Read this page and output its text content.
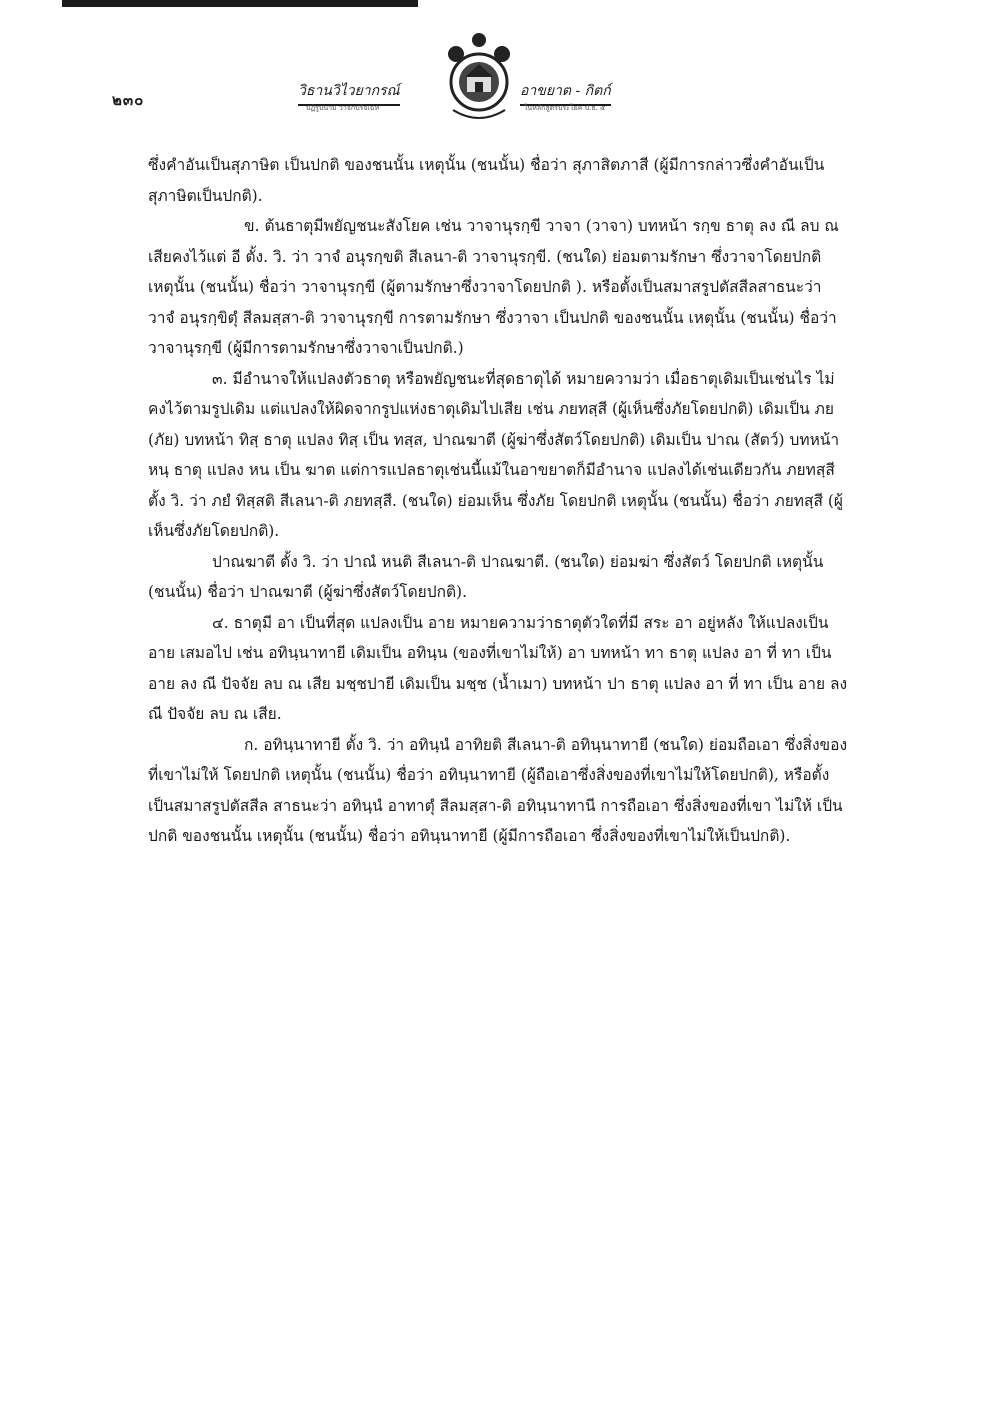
๒๓๐	วิธานวิไวยากรณ์
ปฏิรูปนาม วาจกปริจเฉท
อาขยาต - กิตก์
ในหลักสูตรประโยค ป.ธ. ๕

ซึ่งคำอันเป็นสุภาษิต เป็นปกติ ของชนนั้น เหตุนั้น (ชนนั้น) ชื่อว่า สุภาสิตภาสี (ผู้มีการกล่าวซึ่งคำอันเป็นสุภาษิตเป็นปกติ).

ข. ต้นธาตุมีพยัญชนะสังโยค เช่น วาจานุรกฺขี วาจา (วาจา) บทหน้า รกฺข ธาตุ ลง ณี ลบ ณ เสียคงไว้แต่ อี ตั้ง. วิ. ว่า วาจํ อนุรกฺขติ สีเลนา-ติ วาจานุรกฺขี. (ชนใด) ย่อมตามรักษา ซึ่งวาจาโดยปกติ เหตุนั้น (ชนนั้น) ชื่อว่า วาจานุรกฺขี (ผู้ตามรักษาซึ่งวาจาโดยปกติ ). หรือตั้งเป็นสมาสรูปตัสสีลสาธนะว่า วาจํ อนุรกฺขิตุํ สีลมสฺสา-ติ วาจานุรกฺขี การตามรักษา ซึ่งวาจา เป็นปกติ ของชนนั้น เหตุนั้น (ชนนั้น) ชื่อว่า วาจานุรกฺขี (ผู้มีการตามรักษาซึ่งวาจาเป็นปกติ.)

๓. มีอำนาจให้แปลงตัวธาตุ หรือพยัญชนะที่สุดธาตุได้ หมายความว่า เมื่อธาตุเดิมเป็นเช่นไร ไม่คงไว้ตามรูปเดิม แต่แปลงให้ผิดจากรูปแห่งธาตุเดิมไปเสีย เช่น ภยทสฺสี (ผู้เห็นซึ่งภัยโดยปกติ) เดิมเป็น ภย (ภัย) บทหน้า ทิสฺ ธาตุ แปลง ทิสฺ เป็น ทสฺส, ปาณฆาตี (ผู้ฆ่าซึ่งสัตว์โดยปกติ) เดิมเป็น ปาณ (สัตว์) บทหน้า หนฺ ธาตุ แปลง หน เป็น ฆาต แต่การแปลธาตุเช่นนี้แม้ในอาขยาตก็มีอำนาจ แปลงได้เช่นเดียวกัน ภยทสฺสี ตั้ง วิ. ว่า ภยํ ทิสฺสติ สีเลนา-ติ ภยทสฺสี. (ชนใด) ย่อมเห็น ซึ่งภัย โดยปกติ เหตุนั้น (ชนนั้น) ชื่อว่า ภยทสฺสี (ผู้เห็นซึ่งภัยโดยปกติ).

ปาณฆาตี ตั้ง วิ. ว่า ปาณํ หนติ สีเลนา-ติ ปาณฆาตี. (ชนใด) ย่อมฆ่า ซึ่งสัตว์ โดยปกติ เหตุนั้น (ชนนั้น) ชื่อว่า ปาณฆาตี (ผู้ฆ่าซึ่งสัตว์โดยปกติ).

๔. ธาตุมี อา เป็นที่สุด แปลงเป็น อาย หมายความว่าธาตุตัวใดที่มี สระ อา อยู่หลัง ให้แปลงเป็นอาย เสมอไป เช่น อทินฺนาทายี เดิมเป็น อทินฺน (ของที่เขาไม่ให้) อา บทหน้า ทา ธาตุ แปลง อา ที่ ทา เป็น อาย ลง ณี ปัจจัย ลบ ณ เสีย มชฺชปายี เดิมเป็น มชฺช (น้ำเมา) บทหน้า ปา ธาตุ แปลง อา ที่ ทา เป็น อาย ลง ณี ปัจจัย ลบ ณ เสีย.

ก. อทินฺนาทายี ตั้ง วิ. ว่า อทินฺนํ อาทิยติ สีเลนา-ติ อทินฺนาทายี (ชนใด) ย่อมถือเอา ซึ่งสิ่งของที่เขาไม่ให้ โดยปกติ เหตุนั้น (ชนนั้น) ชื่อว่า อทินฺนาทายี (ผู้ถือเอาซึ่งสิ่งของที่เขาไม่ให้โดยปกติ), หรือตั้งเป็นสมาสรูปตัสสีล สาธนะว่า อทินฺนํ อาทาตุํ สีลมสฺสา-ติ อทินฺนาทานี การถือเอา ซึ่งสิ่งของที่เขา ไม่ให้ เป็นปกติ ของชนนั้น เหตุนั้น (ชนนั้น) ชื่อว่า อทินฺนาทายี (ผู้มีการถือเอา ซึ่งสิ่งของที่เขาไม่ให้เป็นปกติ).
